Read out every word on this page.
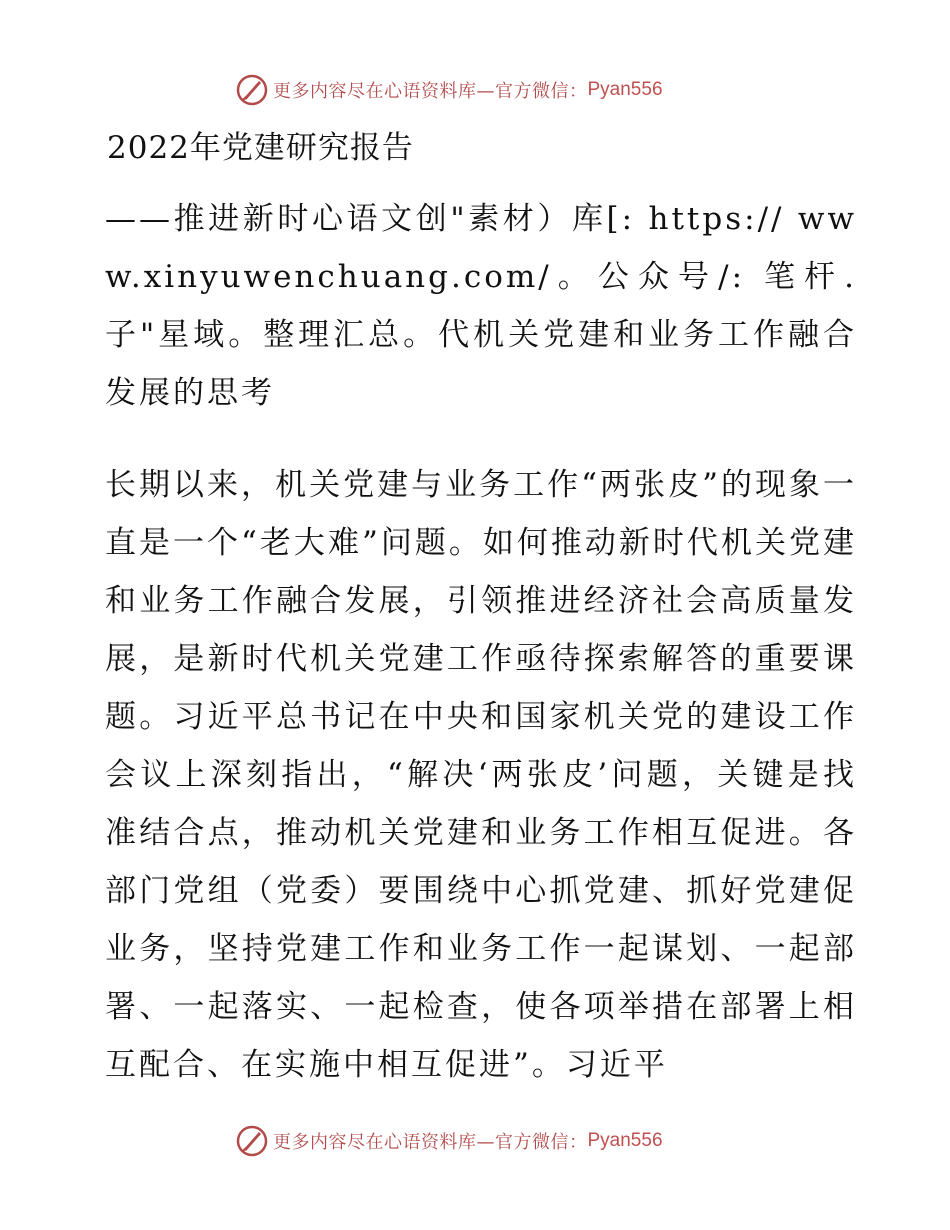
更多内容尽在心语资料库—官方微信： Pyan556
2022年党建研究报告

——推进新时心语文创"素材）库[: https:// www.xinyuwenchuang.com/。公众号/: 笔杆.子"星域。整理汇总。代机关党建和业务工作融合发展的思考

长期以来，机关党建与业务工作“两张皮”的现象一直是一个“老大难”问题。如何推动新时代机关党建和业务工作融合发展，引领推进经济社会高质量发展，是新时代机关党建工作亟待探索解答的重要课题。习近平总书记在中央和国家机关党的建设工作会议上深刻指出，“解决‘两张皮’问题，关键是找准结合点，推动机关党建和业务工作相互促进。各部门党组（党委）要围绕中心抓党建、抓好党建促业务，坚持党建工作和业务工作一起谋划、一起部署、一起落实、一起检查，使各项举措在部署上相互配合、在实施中相互促进”。习近平

更多内容尽在心语资料库—官方微信： Pyan556
